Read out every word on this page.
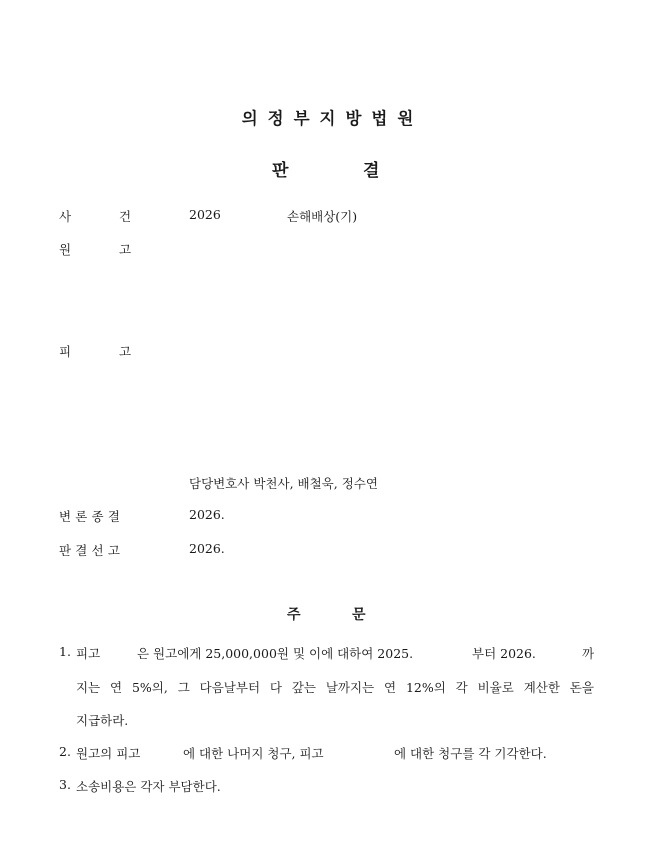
의정부지방법원
판	결
사	건	2026	손해배상(기)
원	고
피	고
담당변호사 박천사, 배철욱, 정수연
변론종결	2026.
판결선고	2026.
주	문
1. 피고	은 원고에게 25,000,000원 및 이에 대하여 2025.	부터 2026.	까
지는 연 5%의, 그 다음날부터 다 갚는 날까지는 연 12%의 각 비율로 계산한 돈을
지급하라.
2. 원고의 피고	에 대한 나머지 청구, 피고	에 대한 청구를 각 기각한다.
3. 소송비용은 각자 부담한다.
